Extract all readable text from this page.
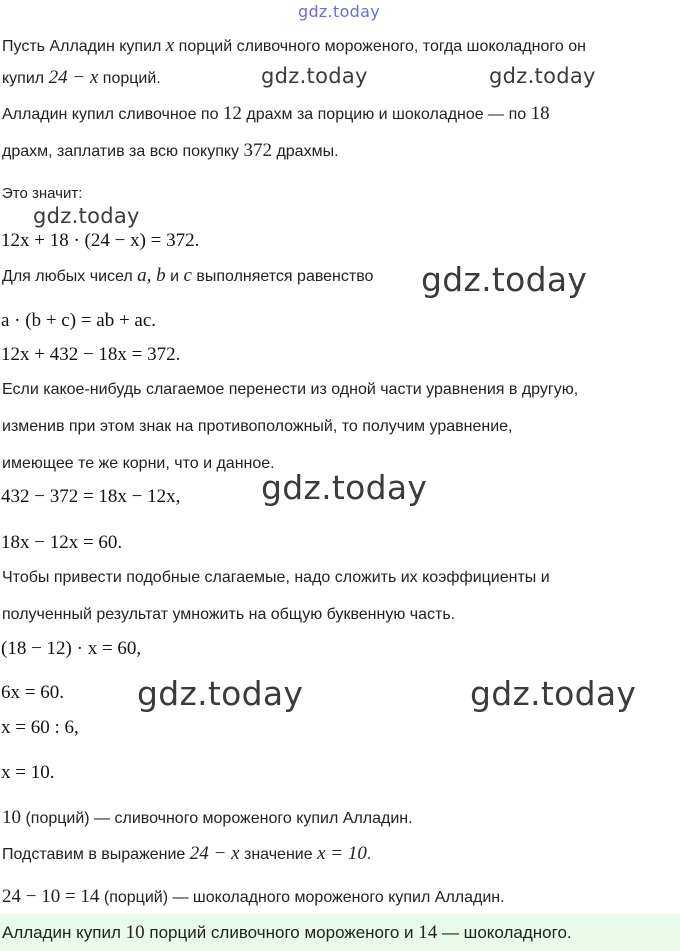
gdz.today
Пусть Алладин купил x порций сливочного мороженого, тогда шоколадного он
купил 24 − x порций.	gdz.today	gdz.today
Алладин купил сливочное по 12 драхм за порцию и шоколадное — по 18
драхм, заплатив за всю покупку 372 драхмы.
Это значит:
gdz.today
12x + 18 · (24 − x) = 372.
Для любых чисел a, b и c выполняется равенство gdz.today
a · (b + c) = ab + ac.
12x + 432 − 18x = 372.
Если какое-нибудь слагаемое перенести из одной части уравнения в другую,
изменив при этом знак на противоположный, то получим уравнение,
имеющее те же корни, что и данное.
432 − 372 = 18x − 12x, gdz.today
18x − 12x = 60.
Чтобы привести подобные слагаемые, надо сложить их коэффициенты и
полученный результат умножить на общую буквенную часть.
(18 − 12) · x = 60,
6x = 60. gdz.today	gdz.today
x = 60 : 6,
x = 10.
10 (порций) — сливочного мороженого купил Алладин.
Подставим в выражение 24 − x значение x = 10.
24 − 10 = 14 (порций) — шоколадного мороженого купил Алладин.
Алладин купил 10 порций сливочного мороженого и 14 — шоколадного.
